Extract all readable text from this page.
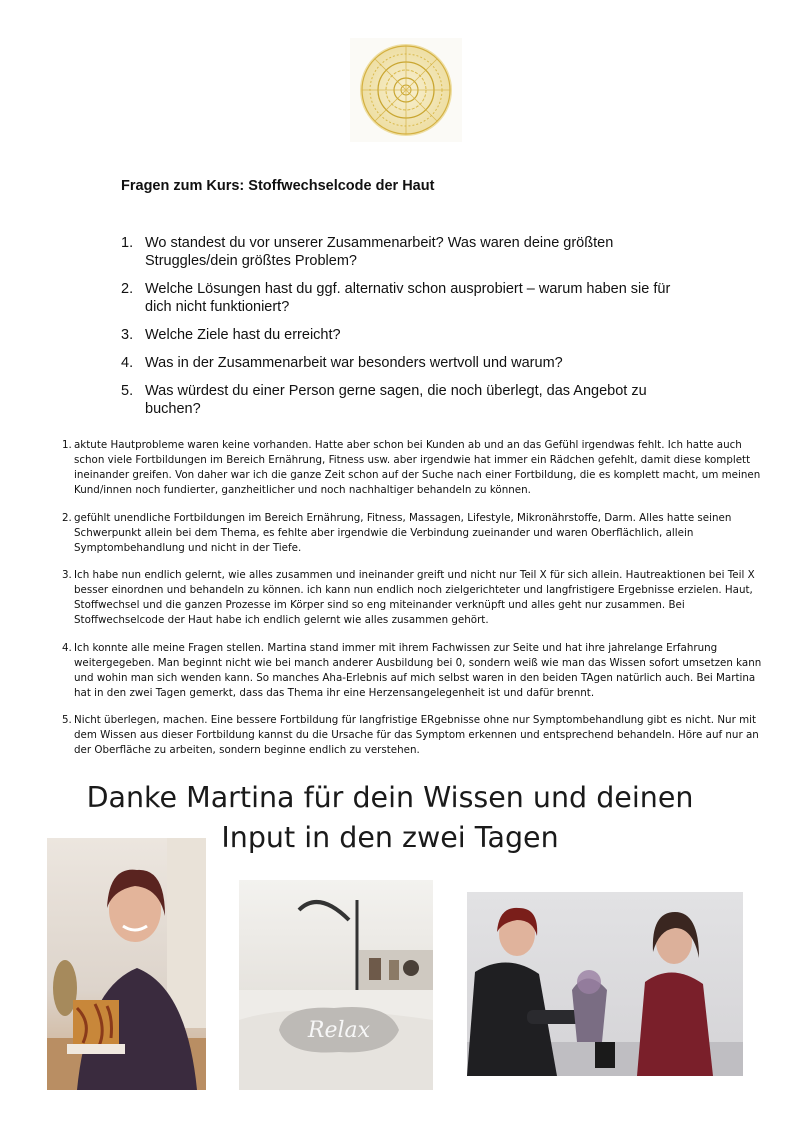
Fragen zum Kurs: Stoffwechselcode der Haut
1. Wo standest du vor unserer Zusammenarbeit? Was waren deine größten Struggles/dein größtes Problem?
2. Welche Lösungen hast du ggf. alternativ schon ausprobiert – warum haben sie für dich nicht funktioniert?
3. Welche Ziele hast du erreicht?
4. Was in der Zusammenarbeit war besonders wertvoll und warum?
5. Was würdest du einer Person gerne sagen, die noch überlegt, das Angebot zu buchen?
1. aktute Hautprobleme waren keine vorhanden. Hatte aber schon bei Kunden ab und an das Gefühl irgendwas fehlt. Ich hatte auch schon viele Fortbildungen im Bereich Ernährung, Fitness usw. aber irgendwie hat immer ein Rädchen gefehlt, damit diese komplett ineinander greifen. Von daher war ich die ganze Zeit schon auf der Suche nach einer Fortbildung, die es komplett macht, um meinen Kund/innen noch fundierter, ganzheitlicher und noch nachhaltiger behandeln zu können.
2. gefühlt unendliche Fortbildungen im Bereich Ernährung, Fitness, Massagen, Lifestyle, Mikronährstoffe, Darm. Alles hatte seinen Schwerpunkt allein bei dem Thema, es fehlte aber irgendwie die Verbindung zueinander und waren Oberflächlich, allein Symptombehandlung und nicht in der Tiefe.
3. Ich habe nun endlich gelernt, wie alles zusammen und ineinander greift und nicht nur Teil X für sich allein. Hautreaktionen bei Teil X besser einordnen und behandeln zu können. ich kann nun endlich noch zielgerichteter und langfristigere Ergebnisse erzielen. Haut, Stoffwechsel und die ganzen Prozesse im Körper sind so eng miteinander verknüpft und alles geht nur zusammen. Bei Stoffwechselcode der Haut habe ich endlich gelernt wie alles zusammen gehört.
4. Ich konnte alle meine Fragen stellen. Martina stand immer mit ihrem Fachwissen zur Seite und hat ihre jahrelange Erfahrung weitergegeben. Man beginnt nicht wie bei manch anderer Ausbildung bei 0, sondern weiß wie man das Wissen sofort umsetzen kann und wohin man sich wenden kann. So manches Aha-Erlebnis auf mich selbst waren in den beiden TAgen natürlich auch. Bei Martina hat in den zwei Tagen gemerkt, dass das Thema ihr eine Herzensangelegenheit ist und dafür brennt.
5. Nicht überlegen, machen. Eine bessere Fortbildung für langfristige ERgebnisse ohne nur Symptombehandlung gibt es nicht. Nur mit dem Wissen aus dieser Fortbildung kannst du die Ursache für das Symptom erkennen und entsprechend behandeln. Höre auf nur an der Oberfläche zu arbeiten, sondern beginne endlich zu verstehen.
Danke Martina für dein Wissen und deinen
Input in den zwei Tagen
Relax
